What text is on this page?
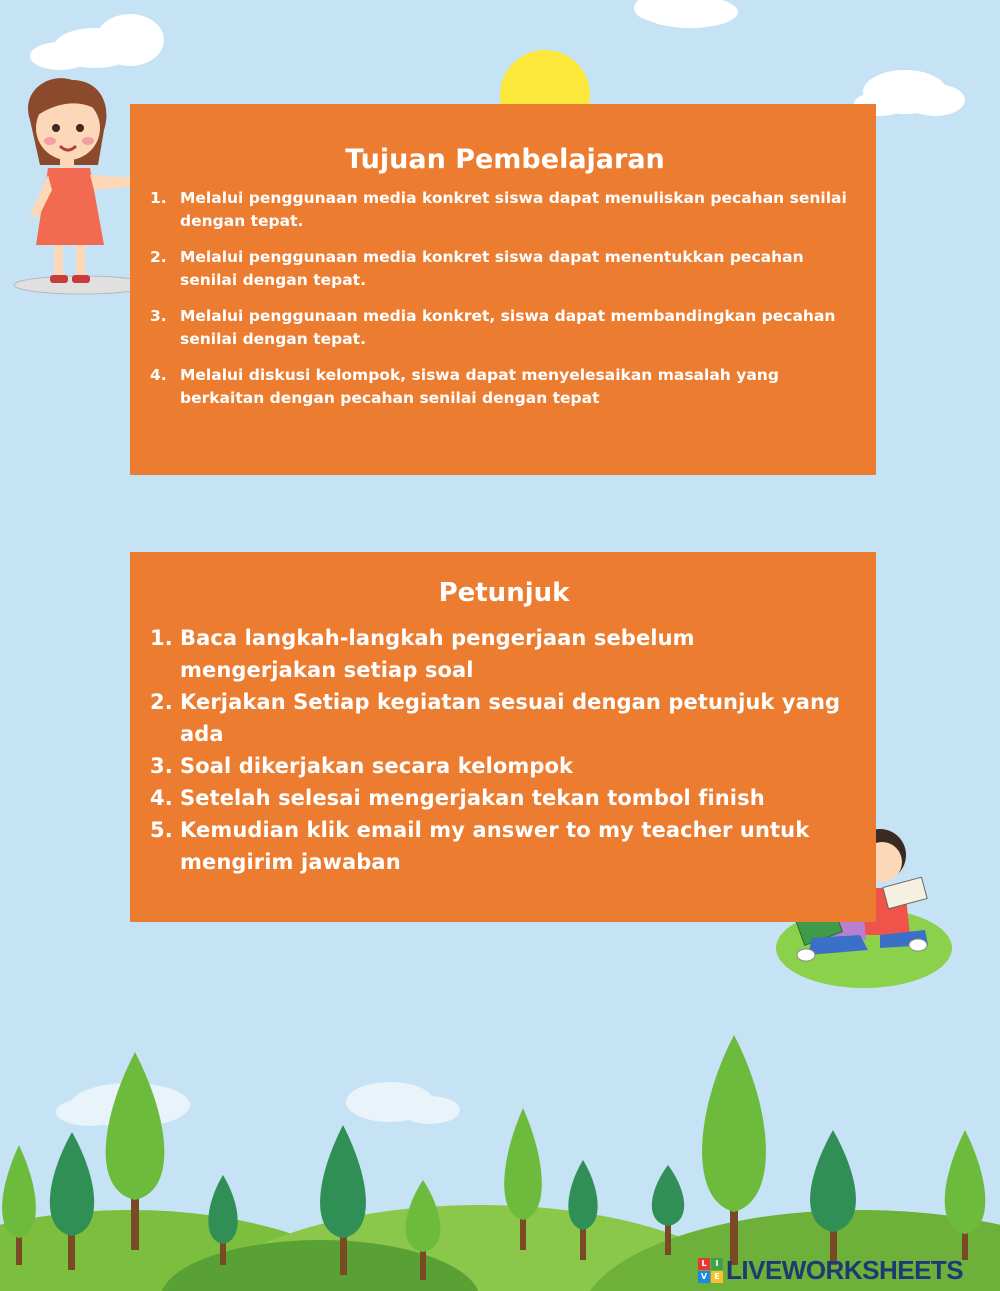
Tujuan Pembelajaran
1. Melalui penggunaan media konkret siswa dapat menuliskan pecahan senilai dengan tepat.
2. Melalui penggunaan media konkret siswa dapat menentukkan pecahan senilai dengan tepat.
3. Melalui penggunaan media konkret, siswa dapat membandingkan pecahan senilai dengan tepat.
4. Melalui diskusi kelompok, siswa dapat menyelesaikan masalah yang berkaitan dengan pecahan senilai dengan tepat
Petunjuk
1. Baca langkah-langkah pengerjaan sebelum mengerjakan setiap soal
2. Kerjakan Setiap kegiatan sesuai dengan petunjuk yang ada
3. Soal dikerjakan secara kelompok
4. Setelah selesai mengerjakan tekan tombol finish
5. Kemudian klik email my answer to my teacher untuk mengirim jawaban
L	I
V E LIVEWORKSHEETS
